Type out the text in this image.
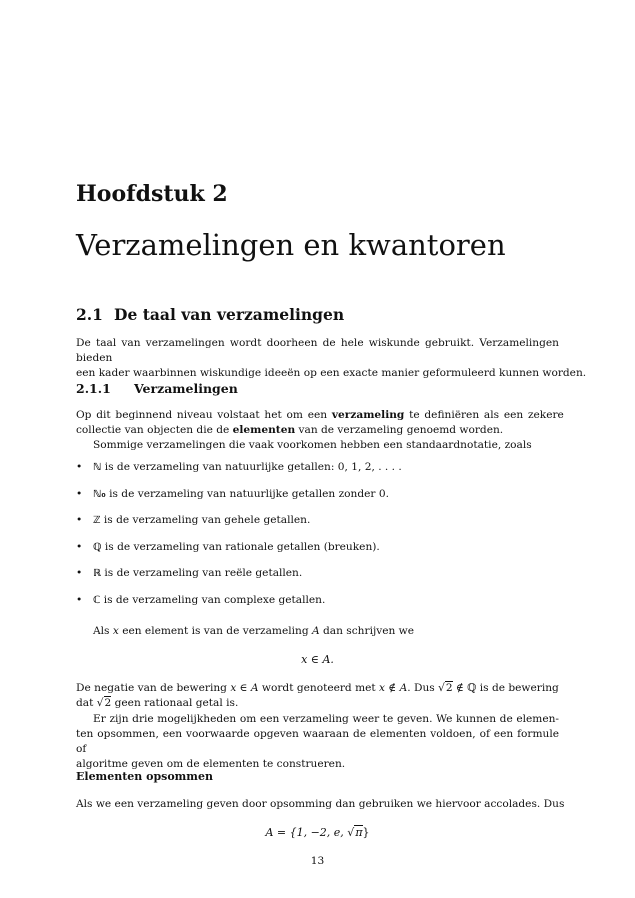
Hoofdstuk 2
Verzamelingen en kwantoren
2.1 De taal van verzamelingen
De taal van verzamelingen wordt doorheen de hele wiskunde gebruikt. Verzamelingen bieden
een kader waarbinnen wiskundige ideeën op een exacte manier geformuleerd kunnen worden.
2.1.1 Verzamelingen
Op dit beginnend niveau volstaat het om een verzameling te definiëren als een zekere
collectie van objecten die de elementen van de verzameling genoemd worden.
Sommige verzamelingen die vaak voorkomen hebben een standaardnotatie, zoals
• ℕ is de verzameling van natuurlijke getallen: 0, 1, 2, . . . .
• ℕ₀ is de verzameling van natuurlijke getallen zonder 0.
• ℤ is de verzameling van gehele getallen.
• ℚ is de verzameling van rationale getallen (breuken).
• ℝ is de verzameling van reële getallen.
• ℂ is de verzameling van complexe getallen.
Als x een element is van de verzameling A dan schrijven we
x ∈ A.
De negatie van de bewering x ∈ A wordt genoteerd met x ∉ A. Dus √2 ∉ ℚ is de bewering
dat √2 geen rationaal getal is.
Er zijn drie mogelijkheden om een verzameling weer te geven. We kunnen de elemen-
ten opsommen, een voorwaarde opgeven waaraan de elementen voldoen, of een formule of
algoritme geven om de elementen te construeren.
Elementen opsommen
Als we een verzameling geven door opsomming dan gebruiken we hiervoor accolades. Dus
A = {1, −2, e, √π}
13
